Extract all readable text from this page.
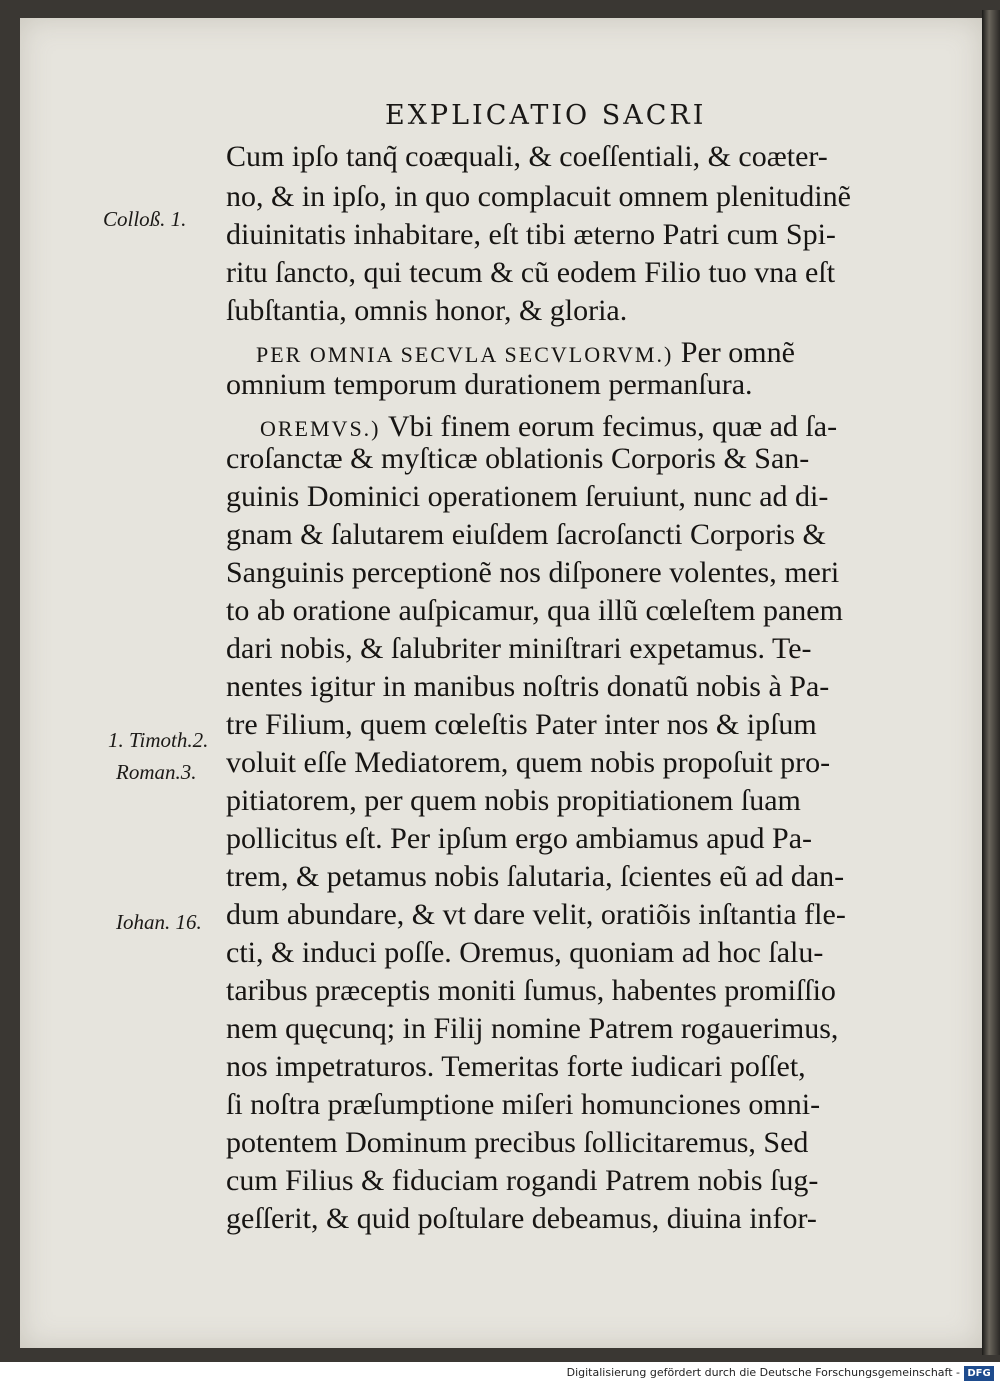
EXPLICATIO SACRI
Colloß. 1.
1. Timoth.2.
Roman.3.
Iohan. 16.
Cum ipſo tanq̃ coæquali, & coeſſentiali, & coæter-
no, & in ipſo, in quo complacuit omnem plenitudinẽ
diuinitatis inhabitare, eſt tibi æterno Patri cum Spi-
ritu ſancto, qui tecum & cũ eodem Filio tuo vna eſt
ſubſtantia, omnis honor, & gloria.
PER OMNIA SECVLA SECVLORVM.) Per omnẽ
omnium temporum durationem permanſura.
OREMVS.) Vbi finem eorum fecimus, quæ ad ſa-
croſanctæ & myſticæ oblationis Corporis & San-
guinis Dominici operationem ſeruiunt, nunc ad di-
gnam & ſalutarem eiuſdem ſacroſancti Corporis &
Sanguinis perceptionẽ nos diſponere volentes, meri
to ab oratione auſpicamur, qua illũ cœleſtem panem
dari nobis, & ſalubriter miniſtrari expetamus. Te-
nentes igitur in manibus noſtris donatũ nobis à Pa-
tre Filium, quem cœleſtis Pater inter nos & ipſum
voluit eſſe Mediatorem, quem nobis propoſuit pro-
pitiatorem, per quem nobis propitiationem ſuam
pollicitus eſt. Per ipſum ergo ambiamus apud Pa-
trem, & petamus nobis ſalutaria, ſcientes eũ ad dan-
dum abundare, & vt dare velit, oratiõis inſtantia fle-
cti, & induci poſſe. Oremus, quoniam ad hoc ſalu-
taribus præceptis moniti ſumus, habentes promiſſio
nem quęcunq; in Filij nomine Patrem rogauerimus,
nos impetraturos. Temeritas forte iudicari poſſet,
ſi noſtra præſumptione miſeri homunciones omni-
potentem Dominum precibus ſollicitaremus, Sed
cum Filius & fiduciam rogandi Patrem nobis ſug-
geſſerit, & quid poſtulare debeamus, diuina infor-
Digitalisierung gefördert durch die Deutsche Forschungsgemeinschaft - DFG
